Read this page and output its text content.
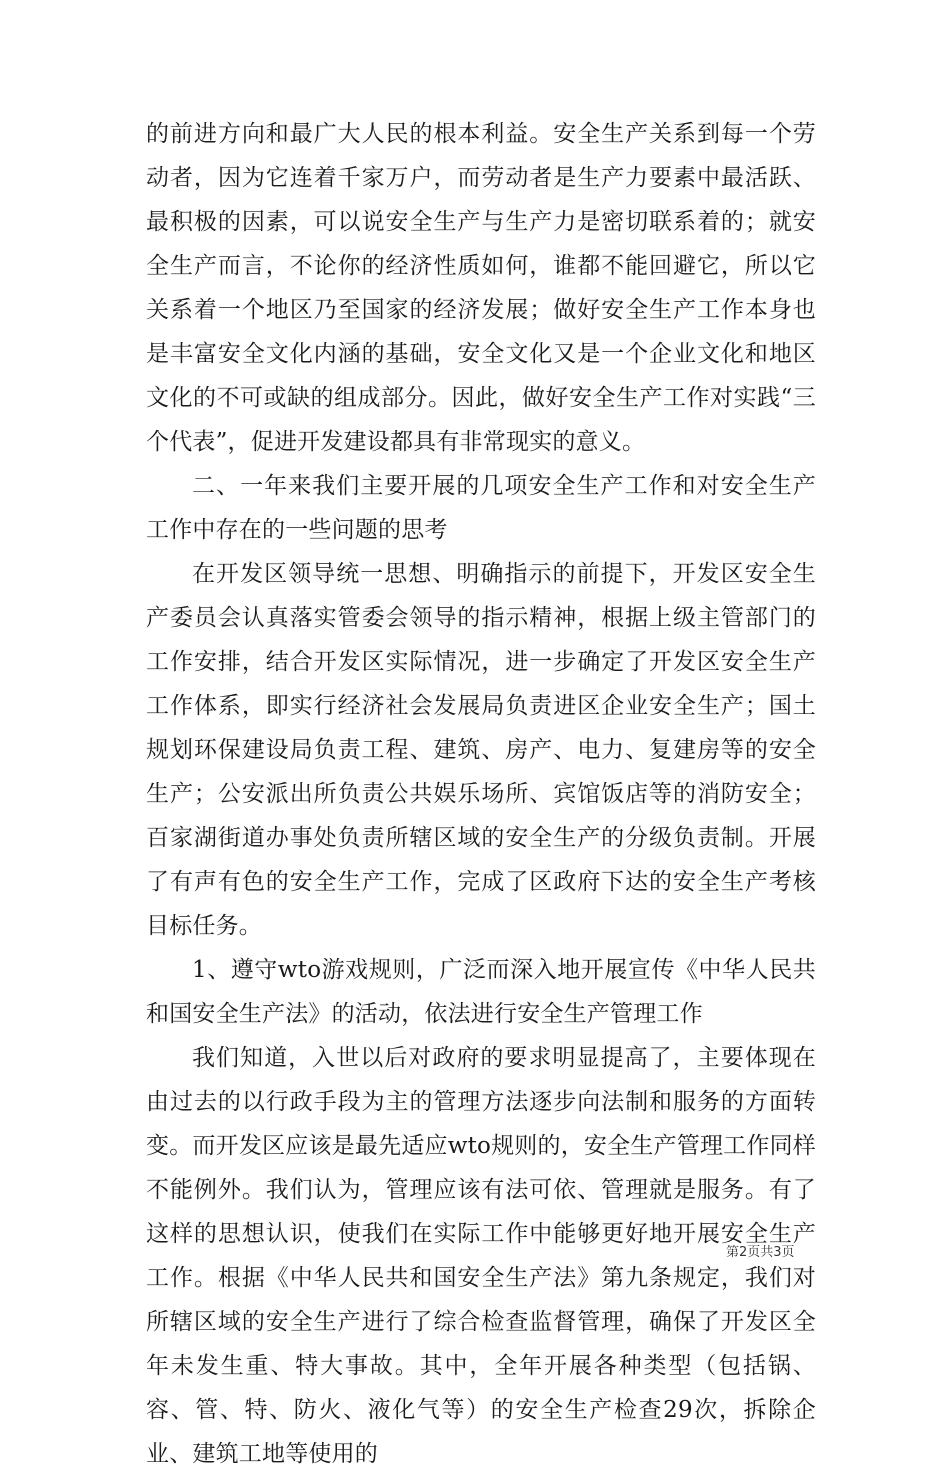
的前进方向和最广大人民的根本利益。安全生产关系到每一个劳动者，因为它连着千家万户，而劳动者是生产力要素中最活跃、最积极的因素，可以说安全生产与生产力是密切联系着的；就安全生产而言，不论你的经济性质如何，谁都不能回避它，所以它关系着一个地区乃至国家的经济发展；做好安全生产工作本身也是丰富安全文化内涵的基础，安全文化又是一个企业文化和地区文化的不可或缺的组成部分。因此，做好安全生产工作对实践“三个代表”，促进开发建设都具有非常现实的意义。

二、一年来我们主要开展的几项安全生产工作和对安全生产工作中存在的一些问题的思考

在开发区领导统一思想、明确指示的前提下，开发区安全生产委员会认真落实管委会领导的指示精神，根据上级主管部门的工作安排，结合开发区实际情况，进一步确定了开发区安全生产工作体系，即实行经济社会发展局负责进区企业安全生产；国土规划环保建设局负责工程、建筑、房产、电力、复建房等的安全生产；公安派出所负责公共娱乐场所、宾馆饭店等的消防安全；百家湖街道办事处负责所辖区域的安全生产的分级负责制。开展了有声有色的安全生产工作，完成了区政府下达的安全生产考核目标任务。

1、遵守wto游戏规则，广泛而深入地开展宣传《中华人民共和国安全生产法》的活动，依法进行安全生产管理工作

我们知道，入世以后对政府的要求明显提高了，主要体现在由过去的以行政手段为主的管理方法逐步向法制和服务的方面转变。而开发区应该是最先适应wto规则的，安全生产管理工作同样不能例外。我们认为，管理应该有法可依、管理就是服务。有了这样的思想认识，使我们在实际工作中能够更好地开展安全生产工作。根据《中华人民共和国安全生产法》第九条规定，我们对所辖区域的安全生产进行了综合检查监督管理，确保了开发区全年未发生重、特大事故。其中，全年开展各种类型（包括锅、容、管、特、防火、液化气等）的安全生产检查29次，拆除企业、建筑工地等使用的

第2页共3页
